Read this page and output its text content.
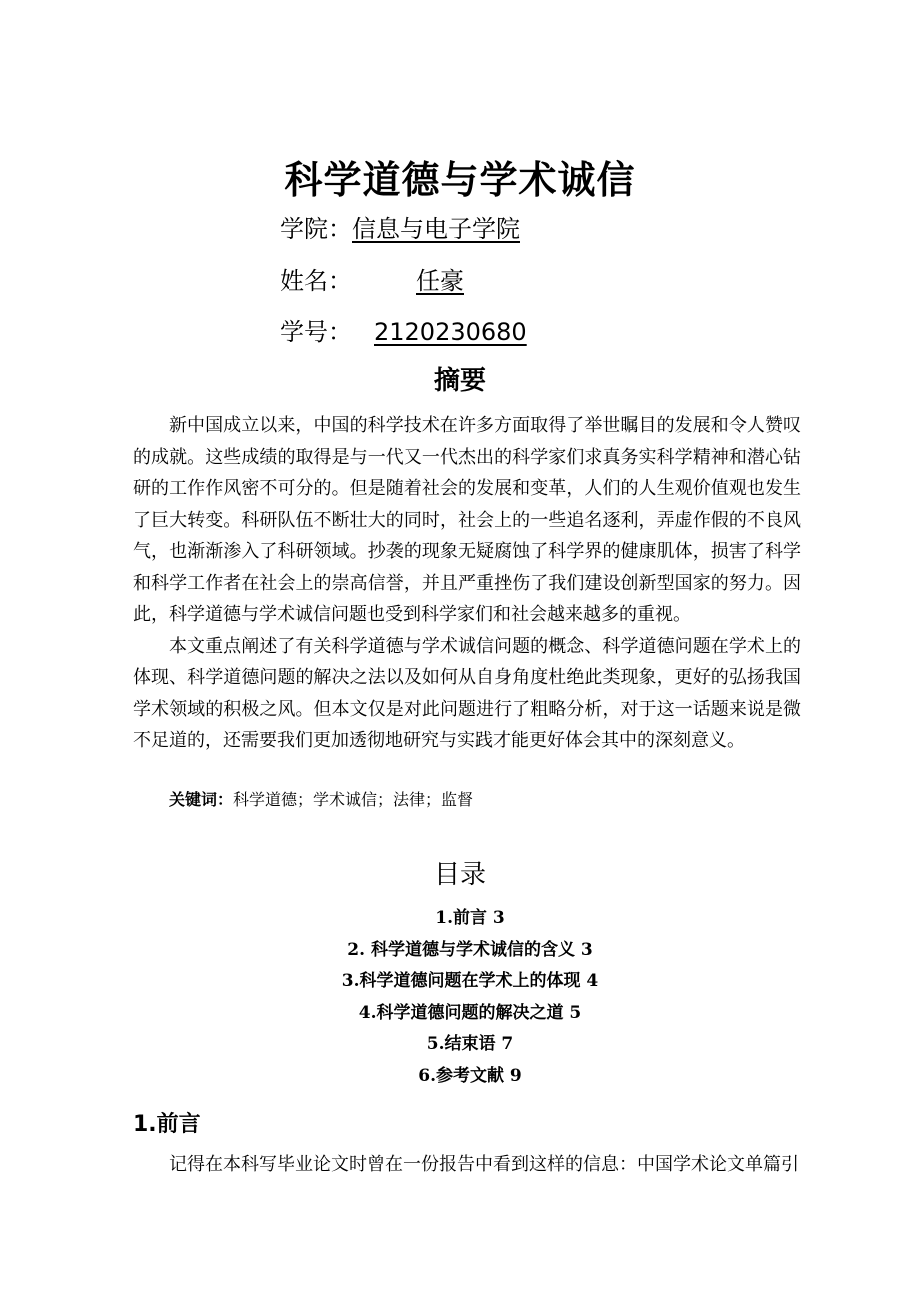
科学道德与学术诚信
学院：信息与电子学院
姓名：	任豪
学号： 2120230680
摘要

新中国成立以来，中国的科学技术在许多方面取得了举世瞩目的发展和令人赞叹的成就。这些成绩的取得是与一代又一代杰出的科学家们求真务实科学精神和潜心钻研的工作作风密不可分的。但是随着社会的发展和变革，人们的人生观价值观也发生了巨大转变。科研队伍不断壮大的同时，社会上的一些追名逐利，弄虚作假的不良风气，也渐渐渗入了科研领域。抄袭的现象无疑腐蚀了科学界的健康肌体，损害了科学和科学工作者在社会上的崇高信誉，并且严重挫伤了我们建设创新型国家的努力。因此，科学道德与学术诚信问题也受到科学家们和社会越来越多的重视。

本文重点阐述了有关科学道德与学术诚信问题的概念、科学道德问题在学术上的体现、科学道德问题的解决之法以及如何从自身角度杜绝此类现象，更好的弘扬我国学术领域的积极之风。但本文仅是对此问题进行了粗略分析，对于这一话题来说是微不足道的，还需要我们更加透彻地研究与实践才能更好体会其中的深刻意义。

关键词：科学道德；学术诚信；法律；监督
目录
1.前言 3
2. 科学道德与学术诚信的含义 3
3.科学道德问题在学术上的体现 4
4.科学道德问题的解决之道 5
5.结束语 7
6.参考文献 9
1.前言
记得在本科写毕业论文时曾在一份报告中看到这样的信息：中国学术论文单篇引
